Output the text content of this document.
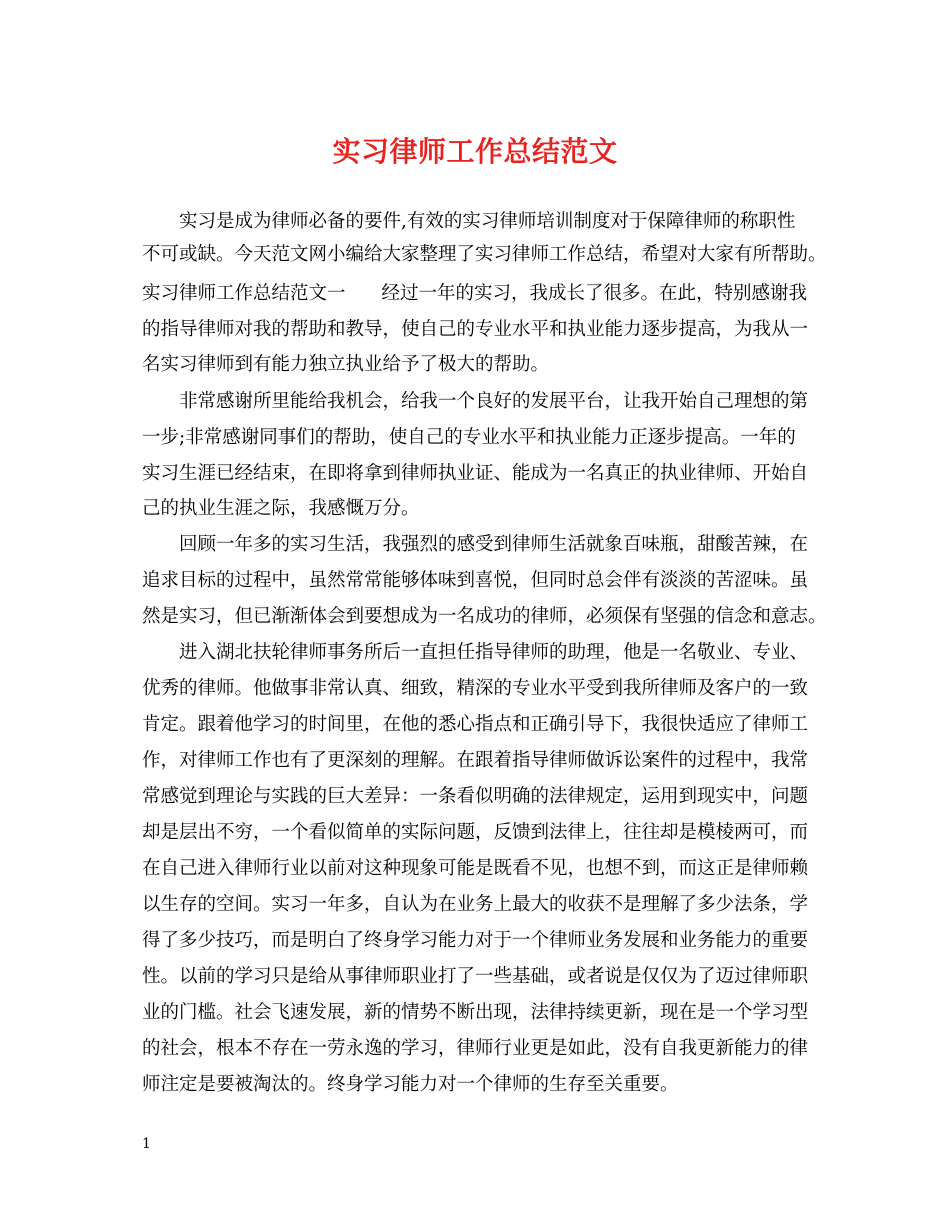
实习律师工作总结范文
实习是成为律师必备的要件,有效的实习律师培训制度对于保障律师的称职性
不可或缺。今天范文网小编给大家整理了实习律师工作总结，希望对大家有所帮助。
实习律师工作总结范文一 经过一年的实习，我成长了很多。在此，特别感谢我
的指导律师对我的帮助和教导，使自己的专业水平和执业能力逐步提高，为我从一
名实习律师到有能力独立执业给予了极大的帮助。
非常感谢所里能给我机会，给我一个良好的发展平台，让我开始自己理想的第
一步;非常感谢同事们的帮助，使自己的专业水平和执业能力正逐步提高。一年的
实习生涯已经结束，在即将拿到律师执业证、能成为一名真正的执业律师、开始自
己的执业生涯之际，我感慨万分。
回顾一年多的实习生活，我强烈的感受到律师生活就象百味瓶，甜酸苦辣，在
追求目标的过程中，虽然常常能够体味到喜悦，但同时总会伴有淡淡的苦涩味。虽
然是实习，但已渐渐体会到要想成为一名成功的律师，必须保有坚强的信念和意志。
进入湖北扶轮律师事务所后一直担任指导律师的助理，他是一名敬业、专业、
优秀的律师。他做事非常认真、细致，精深的专业水平受到我所律师及客户的一致
肯定。跟着他学习的时间里，在他的悉心指点和正确引导下，我很快适应了律师工
作，对律师工作也有了更深刻的理解。在跟着指导律师做诉讼案件的过程中，我常
常感觉到理论与实践的巨大差异：一条看似明确的法律规定，运用到现实中，问题
却是层出不穷，一个看似简单的实际问题，反馈到法律上，往往却是模棱两可，而
在自己进入律师行业以前对这种现象可能是既看不见，也想不到，而这正是律师赖
以生存的空间。实习一年多，自认为在业务上最大的收获不是理解了多少法条，学
得了多少技巧，而是明白了终身学习能力对于一个律师业务发展和业务能力的重要
性。以前的学习只是给从事律师职业打了一些基础，或者说是仅仅为了迈过律师职
业的门槛。社会飞速发展，新的情势不断出现，法律持续更新，现在是一个学习型
的社会，根本不存在一劳永逸的学习，律师行业更是如此，没有自我更新能力的律
师注定是要被淘汰的。终身学习能力对一个律师的生存至关重要。
1
